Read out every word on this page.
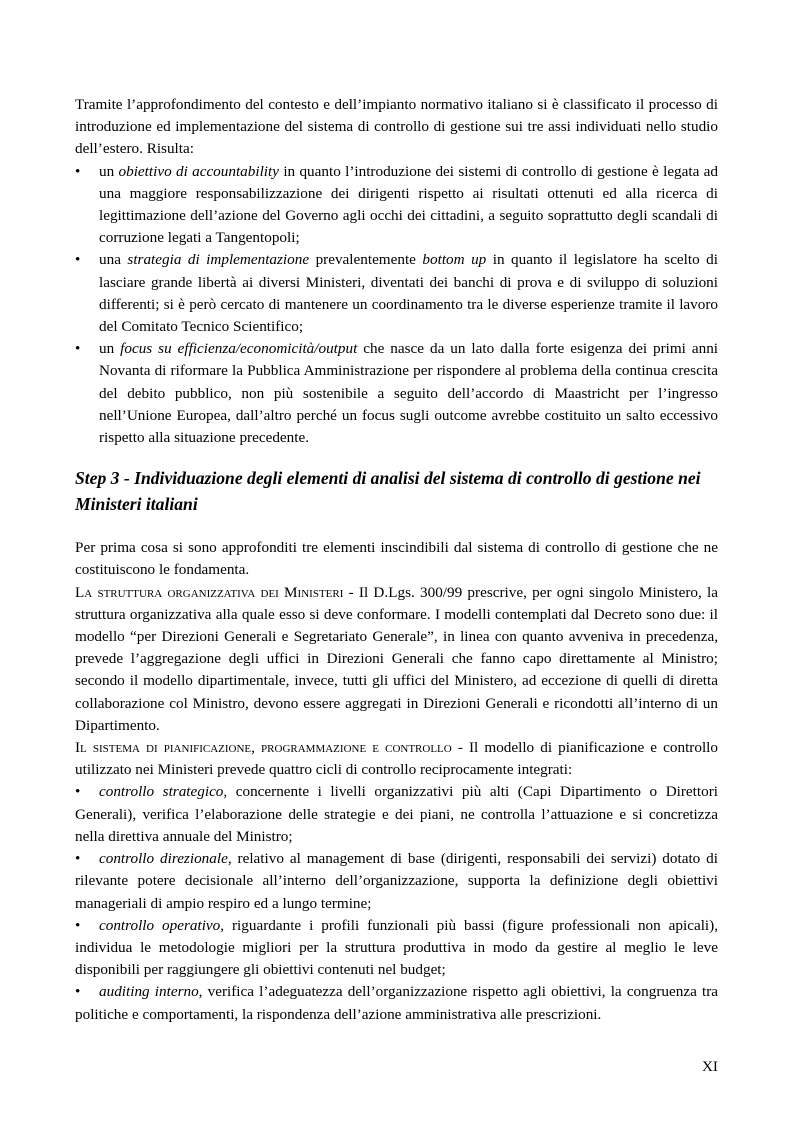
Tramite l’approfondimento del contesto e dell’impianto normativo italiano si è classificato il processo di introduzione ed implementazione del sistema di controllo di gestione sui tre assi individuati nello studio dell’estero. Risulta:

• un obiettivo di accountability in quanto l’introduzione dei sistemi di controllo di gestione è legata ad una maggiore responsabilizzazione dei dirigenti rispetto ai risultati ottenuti ed alla ricerca di legittimazione dell’azione del Governo agli occhi dei cittadini, a seguito soprattutto degli scandali di corruzione legati a Tangentopoli;

• una strategia di implementazione prevalentemente bottom up in quanto il legislatore ha scelto di lasciare grande libertà ai diversi Ministeri, diventati dei banchi di prova e di sviluppo di soluzioni differenti; si è però cercato di mantenere un coordinamento tra le diverse esperienze tramite il lavoro del Comitato Tecnico Scientifico;

• un focus su efficienza/economicità/output che nasce da un lato dalla forte esigenza dei primi anni Novanta di riformare la Pubblica Amministrazione per rispondere al problema della continua crescita del debito pubblico, non più sostenibile a seguito dell’accordo di Maastricht per l’ingresso nell’Unione Europea, dall’altro perché un focus sugli outcome avrebbe costituito un salto eccessivo rispetto alla situazione precedente.

Step 3 - Individuazione degli elementi di analisi del sistema di controllo di gestione nei Ministeri italiani

Per prima cosa si sono approfonditi tre elementi inscindibili dal sistema di controllo di gestione che ne costituiscono le fondamenta.

La struttura organizzativa dei Ministeri - Il D.Lgs. 300/99 prescrive, per ogni singolo Ministero, la struttura organizzativa alla quale esso si deve conformare. I modelli contemplati dal Decreto sono due: il modello “per Direzioni Generali e Segretariato Generale”, in linea con quanto avveniva in precedenza, prevede l’aggregazione degli uffici in Direzioni Generali che fanno capo direttamente al Ministro; secondo il modello dipartimentale, invece, tutti gli uffici del Ministero, ad eccezione di quelli di diretta collaborazione col Ministro, devono essere aggregati in Direzioni Generali e ricondotti all’interno di un Dipartimento.

Il sistema di pianificazione, programmazione e controllo - Il modello di pianificazione e controllo utilizzato nei Ministeri prevede quattro cicli di controllo reciprocamente integrati:

• controllo strategico, concernente i livelli organizzativi più alti (Capi Dipartimento o Direttori Generali), verifica l’elaborazione delle strategie e dei piani, ne controlla l’attuazione e si concretizza nella direttiva annuale del Ministro;

• controllo direzionale, relativo al management di base (dirigenti, responsabili dei servizi) dotato di rilevante potere decisionale all’interno dell’organizzazione, supporta la definizione degli obiettivi manageriali di ampio respiro ed a lungo termine;

• controllo operativo, riguardante i profili funzionali più bassi (figure professionali non apicali), individua le metodologie migliori per la struttura produttiva in modo da gestire al meglio le leve disponibili per raggiungere gli obiettivi contenuti nel budget;

• auditing interno, verifica l’adeguatezza dell’organizzazione rispetto agli obiettivi, la congruenza tra politiche e comportamenti, la rispondenza dell’azione amministrativa alle prescrizioni.

XI
